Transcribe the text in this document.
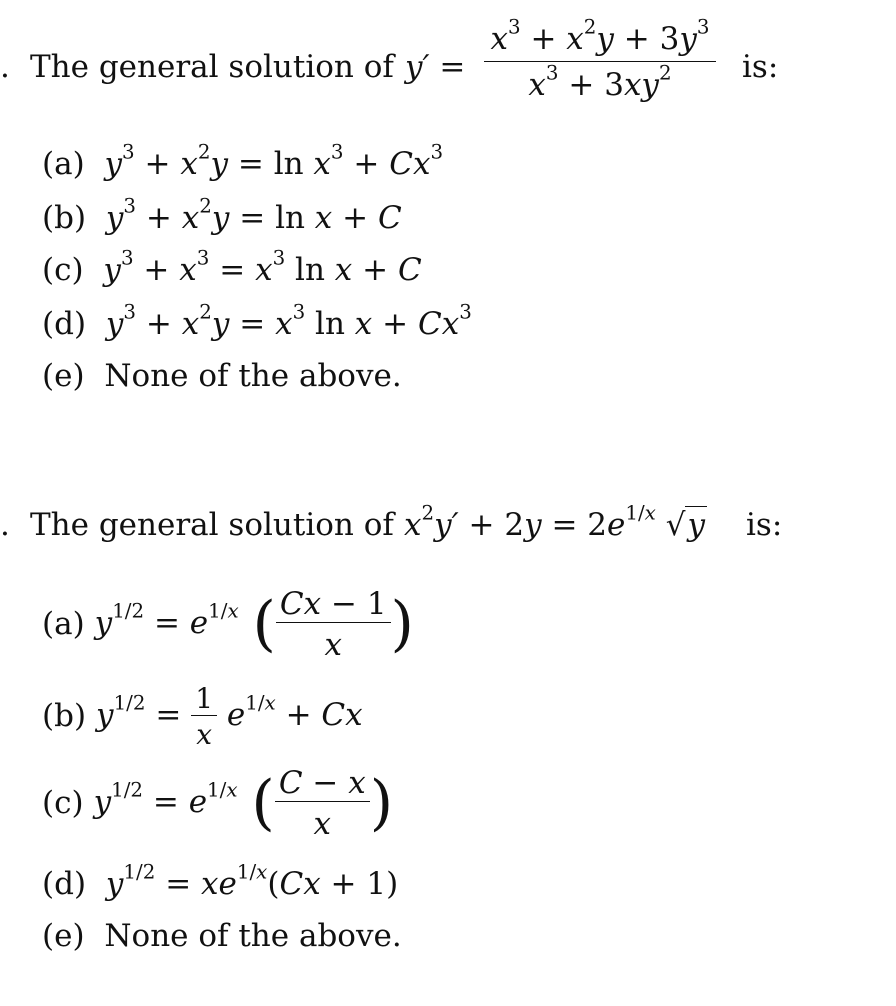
. The general solution of y′ =
$x^3 + x^2y + 3y^3$
$x^3 + 3xy^2$	is:
(a) $y^3 + x^2y = \ln x^3 + Cx^3$
(b) $y^3 + x^2y = \ln x + C$
(c) $y^3 + x^3 = x^3$ ln x + C
(d) $y^3 + x^2y = x^3$ $\ln x + Cx^3$
(e) None of the above.
. The general solution of $x^2y' + 2y = 2e^{1/x}$ √y is:
(a) $y^{1/2} = e^{1/x}$ ( $\frac{Cx - 1}{x}$ )
(b) $y^{1/2} = \frac{1}{x} e^{1/x} + Cx$
(c) $y^{1/2} = e^{1/x}$ ( $\frac{C - x}{x}$ )
(d) $y^{1/2} = xe^{1/x}(Cx + 1)$
(e) None of the above.
